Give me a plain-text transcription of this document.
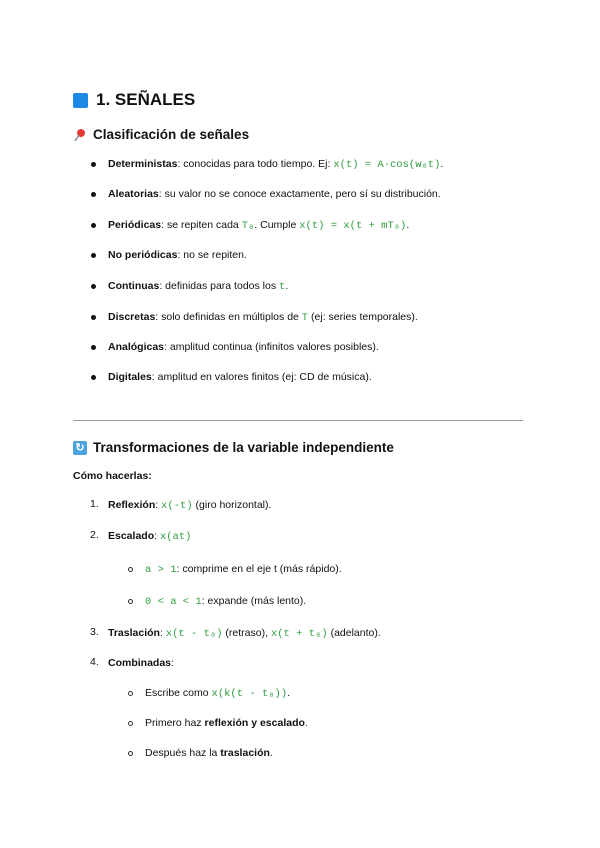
1. SEÑALES
Clasificación de señales
Deterministas: conocidas para todo tiempo. Ej: x(t) = A·cos(w₀t).
Aleatorias: su valor no se conoce exactamente, pero sí su distribución.
Periódicas: se repiten cada T₀. Cumple x(t) = x(t + mT₀).
No periódicas: no se repiten.
Continuas: definidas para todos los t.
Discretas: solo definidas en múltiplos de T (ej: series temporales).
Analógicas: amplitud continua (infinitos valores posibles).
Digitales: amplitud en valores finitos (ej: CD de música).
↻ Transformaciones de la variable independiente
Cómo hacerlas:
1. Reflexión: x(-t) (giro horizontal).
2. Escalado: x(at)
a > 1: comprime en el eje t (más rápido).
0 < a < 1: expande (más lento).
3. Traslación: x(t - t₀) (retraso), x(t + t₀) (adelanto).
4. Combinadas:
Escribe como x(k(t - t₀)).
Primero haz reflexión y escalado.
Después haz la traslación.
